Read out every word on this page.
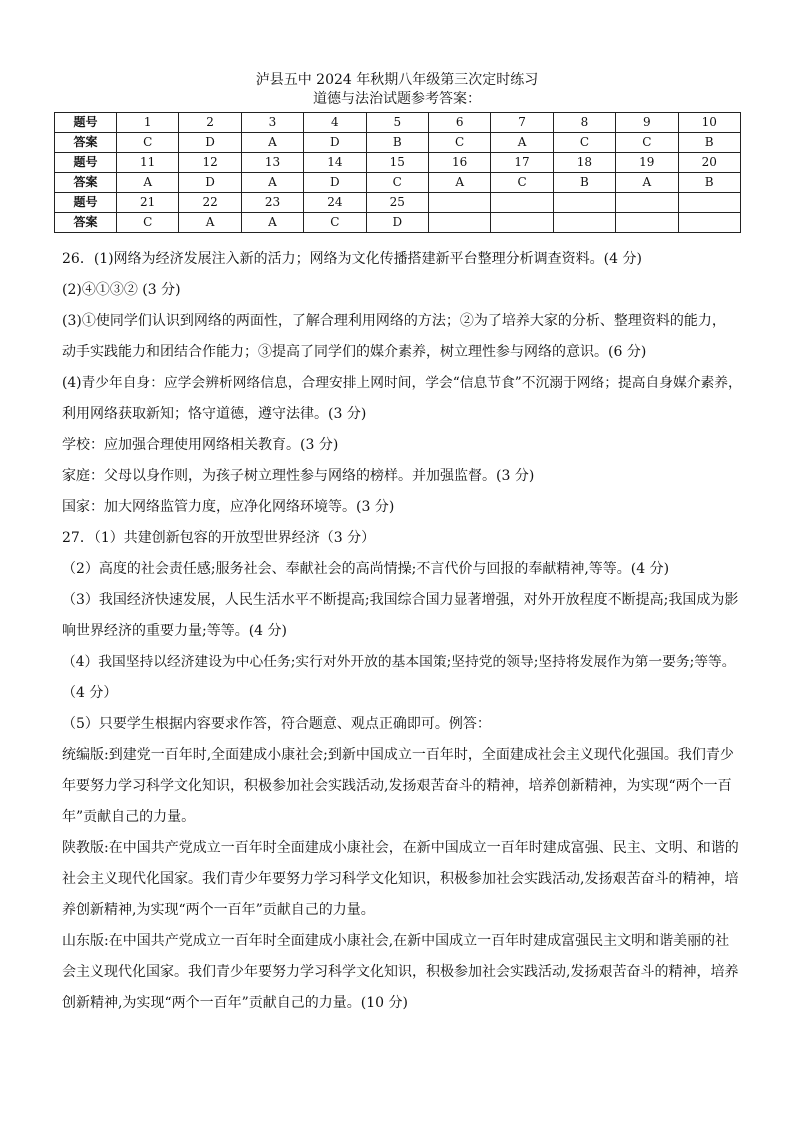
泸县五中 2024 年秋期八年级第三次定时练习
道德与法治试题参考答案：
题号	1	2	3	4	5	6	7	8	9	10
答案	C	D	A	D	B	C	A	C	C	B
题号	11	12	13	14	15	16	17	18	19	20
答案	A	D	A	D	C	A	C	B	A	B
题号	21	22	23	24	25					
答案	C	A	A	C	D					

26．(1)网络为经济发展注入新的活力；网络为文化传播搭建新平台整理分析调查资料。(4 分)

(2)④①③② (3 分)

(3)①使同学们认识到网络的两面性，了解合理利用网络的方法；②为了培养大家的分析、整理资料的能力，

动手实践能力和团结合作能力；③提高了同学们的媒介素养，树立理性参与网络的意识。(6 分)

(4)青少年自身：应学会辨析网络信息，合理安排上网时间，学会“信息节食”不沉溺于网络；提高自身媒介素养，

利用网络获取新知；恪守道德，遵守法律。(3 分)

学校：应加强合理使用网络相关教育。(3 分)

家庭：父母以身作则，为孩子树立理性参与网络的榜样。并加强监督。(3 分)

国家：加大网络监管力度，应净化网络环境等。(3 分)

27．（1）共建创新包容的开放型世界经济（3 分）

（2）高度的社会责任感;服务社会、奉献社会的高尚情操;不言代价与回报的奉献精神,等等。(4 分)

（3）我国经济快速发展，人民生活水平不断提高;我国综合国力显著增强，对外开放程度不断提高;我国成为影

响世界经济的重要力量;等等。(4 分)

（4）我国坚持以经济建设为中心任务;实行对外开放的基本国策;坚持党的领导;坚持将发展作为第一要务;等等。

（4 分）

（5）只要学生根据内容要求作答，符合题意、观点正确即可。例答：

统编版:到建党一百年时,全面建成小康社会;到新中国成立一百年时，全面建成社会主义现代化强国。我们青少

年要努力学习科学文化知识，积极参加社会实践活动,发扬艰苦奋斗的精神，培养创新精神，为实现“两个一百

年”贡献自己的力量。

陕教版:在中国共产党成立一百年时全面建成小康社会，在新中国成立一百年时建成富强、民主、文明、和谐的

社会主义现代化国家。我们青少年要努力学习科学文化知识，积极参加社会实践活动,发扬艰苦奋斗的精神，培

养创新精神,为实现“两个一百年”贡献自己的力量。

山东版:在中国共产党成立一百年时全面建成小康社会,在新中国成立一百年时建成富强民主文明和谐美丽的社

会主义现代化国家。我们青少年要努力学习科学文化知识，积极参加社会实践活动,发扬艰苦奋斗的精神，培养

创新精神,为实现“两个一百年”贡献自己的力量。(10 分)
